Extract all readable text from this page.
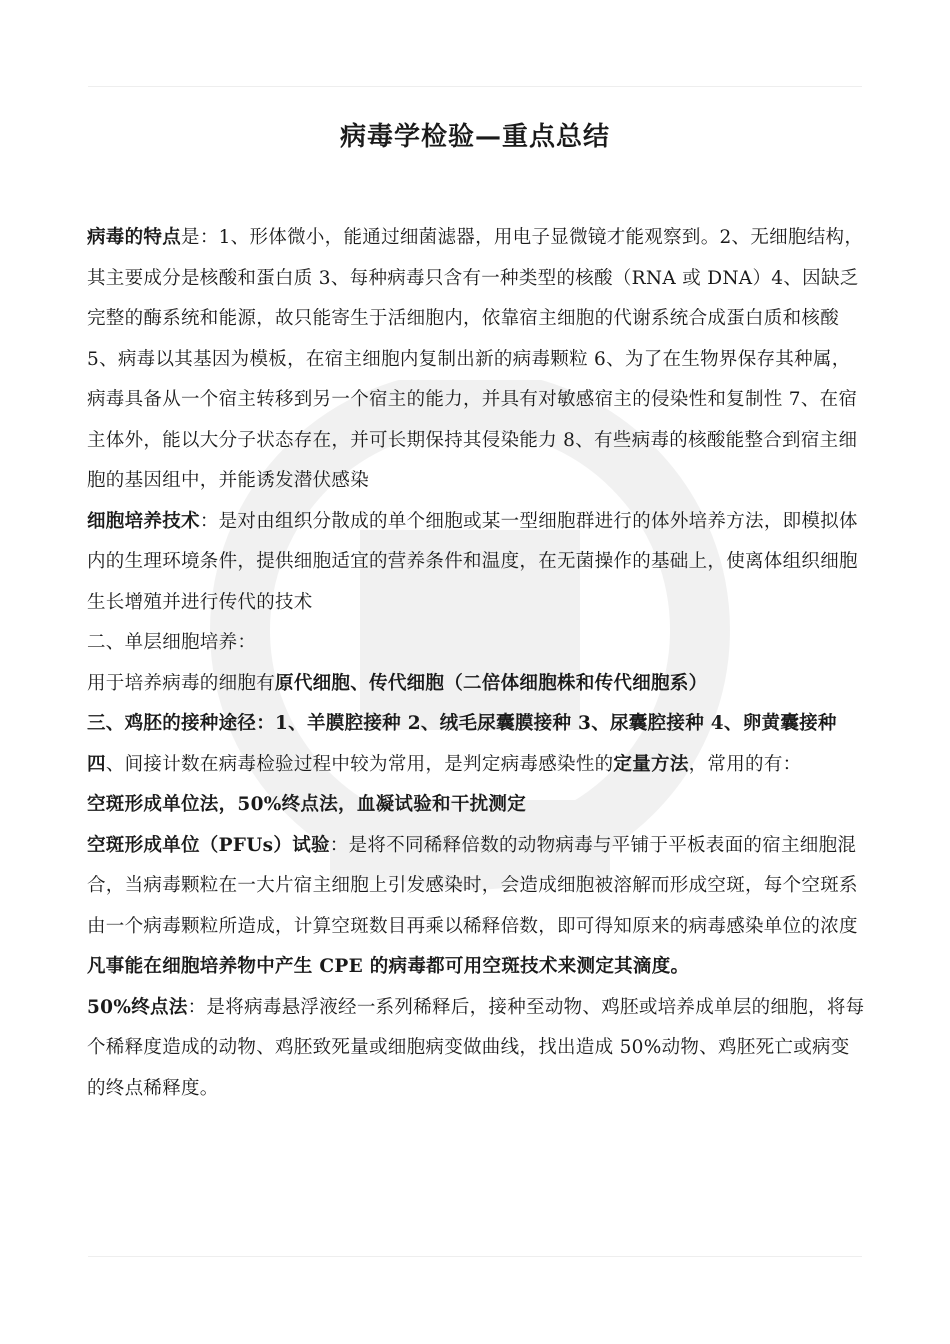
病毒学检验—重点总结

病毒的特点是：1、形体微小，能通过细菌滤器，用电子显微镜才能观察到。2、无细胞结构，其主要成分是核酸和蛋白质 3、每种病毒只含有一种类型的核酸（RNA 或 DNA）4、因缺乏完整的酶系统和能源，故只能寄生于活细胞内，依靠宿主细胞的代谢系统合成蛋白质和核酸 5、病毒以其基因为模板，在宿主细胞内复制出新的病毒颗粒 6、为了在生物界保存其种属，病毒具备从一个宿主转移到另一个宿主的能力，并具有对敏感宿主的侵染性和复制性 7、在宿主体外，能以大分子状态存在，并可长期保持其侵染能力 8、有些病毒的核酸能整合到宿主细胞的基因组中，并能诱发潜伏感染

细胞培养技术：是对由组织分散成的单个细胞或某一型细胞群进行的体外培养方法，即模拟体内的生理环境条件，提供细胞适宜的营养条件和温度，在无菌操作的基础上，使离体组织细胞生长增殖并进行传代的技术

二、单层细胞培养：

用于培养病毒的细胞有原代细胞、传代细胞（二倍体细胞株和传代细胞系）

三、鸡胚的接种途径：1、羊膜腔接种 2、绒毛尿囊膜接种 3、尿囊腔接种 4、卵黄囊接种

四、间接计数在病毒检验过程中较为常用，是判定病毒感染性的定量方法，常用的有：
空斑形成单位法，50%终点法，血凝试验和干扰测定

空斑形成单位（PFUs）试验：是将不同稀释倍数的动物病毒与平铺于平板表面的宿主细胞混合，当病毒颗粒在一大片宿主细胞上引发感染时，会造成细胞被溶解而形成空斑，每个空斑系由一个病毒颗粒所造成，计算空斑数目再乘以稀释倍数，即可得知原来的病毒感染单位的浓度

凡事能在细胞培养物中产生 CPE 的病毒都可用空斑技术来测定其滴度。

50%终点法：是将病毒悬浮液经一系列稀释后，接种至动物、鸡胚或培养成单层的细胞，将每个稀释度造成的动物、鸡胚致死量或细胞病变做曲线，找出造成 50%动物、鸡胚死亡或病变的终点稀释度。
